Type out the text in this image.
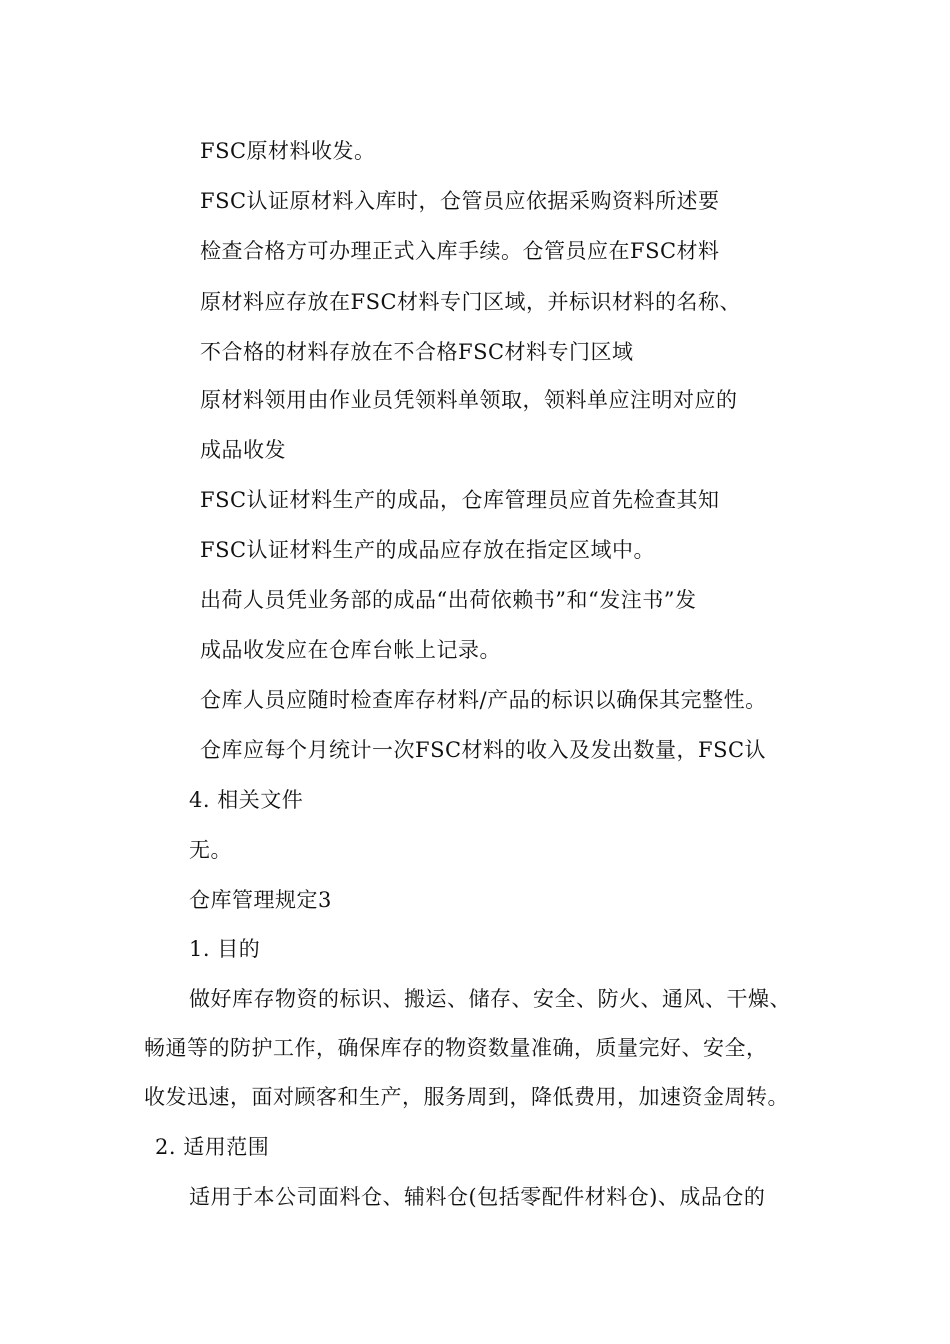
FSC原材料收发。
FSC认证原材料入库时，仓管员应依据采购资料所述要
检查合格方可办理正式入库手续。仓管员应在FSC材料
原材料应存放在FSC材料专门区域，并标识材料的名称、
不合格的材料存放在不合格FSC材料专门区域
原材料领用由作业员凭领料单领取，领料单应注明对应的
成品收发
FSC认证材料生产的成品，仓库管理员应首先检查其知
FSC认证材料生产的成品应存放在指定区域中。
出荷人员凭业务部的成品“出荷依赖书”和“发注书”发
成品收发应在仓库台帐上记录。
仓库人员应随时检查库存材料/产品的标识以确保其完整性。
仓库应每个月统计一次FSC材料的收入及发出数量，FSC认
4. 相关文件
无。
仓库管理规定3
1. 目的
做好库存物资的标识、搬运、储存、安全、防火、通风、干燥、
畅通等的防护工作，确保库存的物资数量准确，质量完好、安全，
收发迅速，面对顾客和生产，服务周到，降低费用，加速资金周转。
2. 适用范围
适用于本公司面料仓、辅料仓(包括零配件材料仓)、成品仓的
